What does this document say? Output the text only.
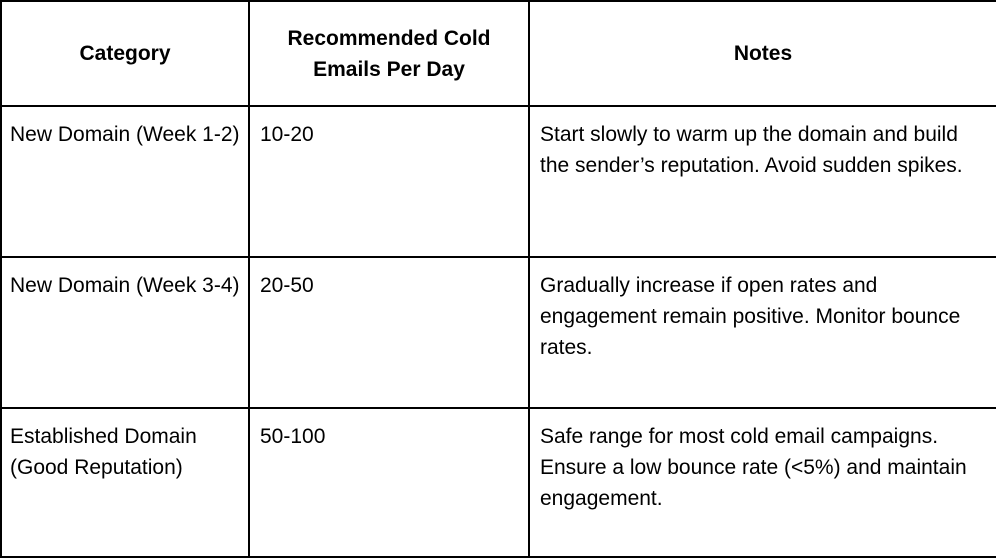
Category	Recommended Cold Emails Per Day	Notes

New Domain (Week 1-2)	10-20	Start slowly to warm up the domain and build the sender’s reputation. Avoid sudden spikes.

New Domain (Week 3-4)	20-50	Gradually increase if open rates and engagement remain positive. Monitor bounce rates.

Established Domain (Good Reputation)	50-100	Safe range for most cold email campaigns. Ensure a low bounce rate (<5%) and maintain engagement.
